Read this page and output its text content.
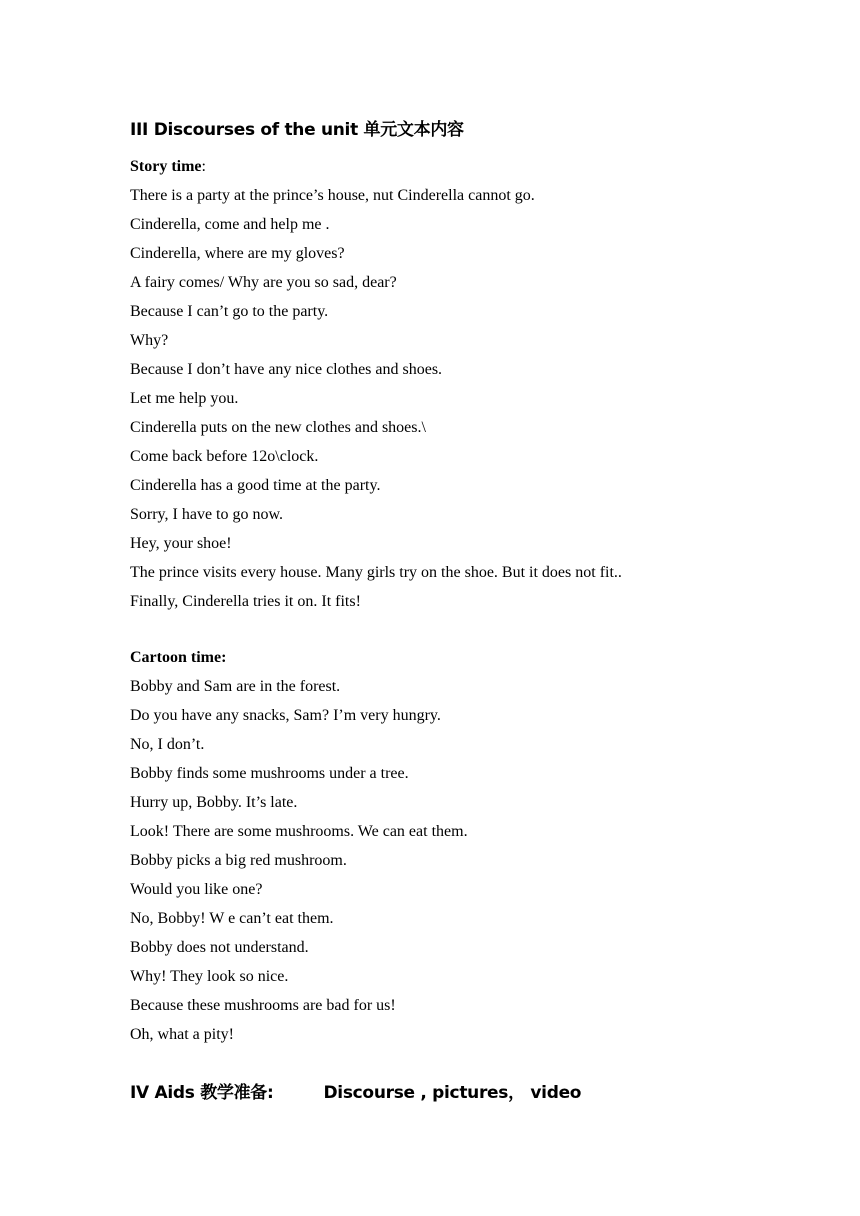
III Discourses of the unit 单元文本内容
Story time:
There is a party at the prince’s house, nut Cinderella cannot go.
Cinderella, come and help me .
Cinderella, where are my gloves?
A fairy comes/ Why are you so sad, dear?
Because I can’t go to the party.
Why?
Because I don’t have any nice clothes and shoes.
Let me help you.
Cinderella puts on the new clothes and shoes.\
Come back before 12o\clock.
Cinderella has a good time at the party.
Sorry, I have to go now.
Hey, your shoe!
The prince visits every house. Many girls try on the shoe. But it does not fit..
Finally, Cinderella tries it on. It fits!
Cartoon time:
Bobby and Sam are in the forest.
Do you have any snacks, Sam? I’m very hungry.
No, I don’t.
Bobby finds some mushrooms under a tree.
Hurry up, Bobby. It’s late.
Look! There are some mushrooms. We can eat them.
Bobby picks a big red mushroom.
Would you like one?
No, Bobby! W e can’t eat them.
Bobby does not understand.
Why! They look so nice.
Because these mushrooms are bad for us!
Oh, what a pity!
IV Aids 教学准备:	Discourse , pictures， video
